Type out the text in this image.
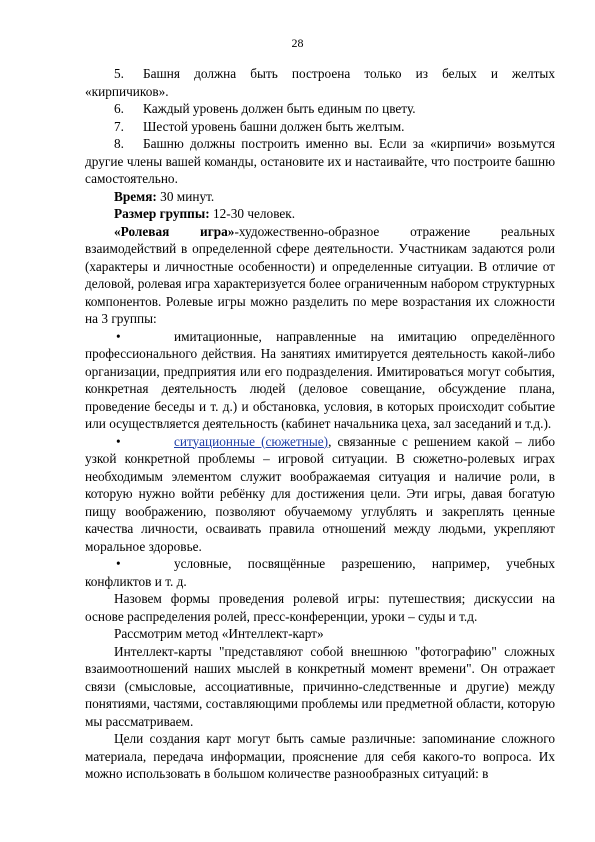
28

5. Башня должна быть построена только из белых и желтых «кирпичиков».

6. Каждый уровень должен быть единым по цвету.

7. Шестой уровень башни должен быть желтым.

8. Башню должны построить именно вы. Если за «кирпичи» возьмутся другие члены вашей команды, остановите их и настаивайте, что построите башню самостоятельно.

Время: 30 минут.

Размер группы: 12-30 человек.

«Ролевая игра»-художественно-образное отражение реальных взаимодействий в определенной сфере деятельности. Участникам задаются роли (характеры и личностные особенности) и определенные ситуации. В отличие от деловой, ролевая игра характеризуется более ограниченным набором структурных компонентов. Ролевые игры можно разделить по мере возрастания их сложности на 3 группы:

•	имитационные, направленные на имитацию определённого профессионального действия. На занятиях имитируется деятельность какой-либо организации, предприятия или его подразделения. Имитироваться могут события, конкретная деятельность людей (деловое совещание, обсуждение плана, проведение беседы и т. д.) и обстановка, условия, в которых происходит событие или осуществляется деятельность (кабинет начальника цеха, зал заседаний и т.д.).

•	ситуационные (сюжетные), связанные с решением какой – либо узкой конкретной проблемы – игровой ситуации. В сюжетно-ролевых играх необходимым элементом служит воображаемая ситуация и наличие роли, в которую нужно войти ребёнку для достижения цели. Эти игры, давая богатую пищу воображению, позволяют обучаемому углублять и закреплять ценные качества личности, осваивать правила отношений между людьми, укрепляют моральное здоровье.

•	условные, посвящённые разрешению, например, учебных конфликтов и т. д.

Назовем формы проведения ролевой игры: путешествия; дискуссии на основе распределения ролей, пресс-конференции, уроки – суды и т.д.

Рассмотрим метод «Интеллект-карт»

Интеллект-карты "представляют собой внешнюю "фотографию" сложных взаимоотношений наших мыслей в конкретный момент времени". Он отражает связи (смысловые, ассоциативные, причинно-следственные и другие) между понятиями, частями, составляющими проблемы или предметной области, которую мы рассматриваем.

Цели создания карт могут быть самые различные: запоминание сложного материала, передача информации, прояснение для себя какого-то вопроса. Их можно использовать в большом количестве разнообразных ситуаций: в
